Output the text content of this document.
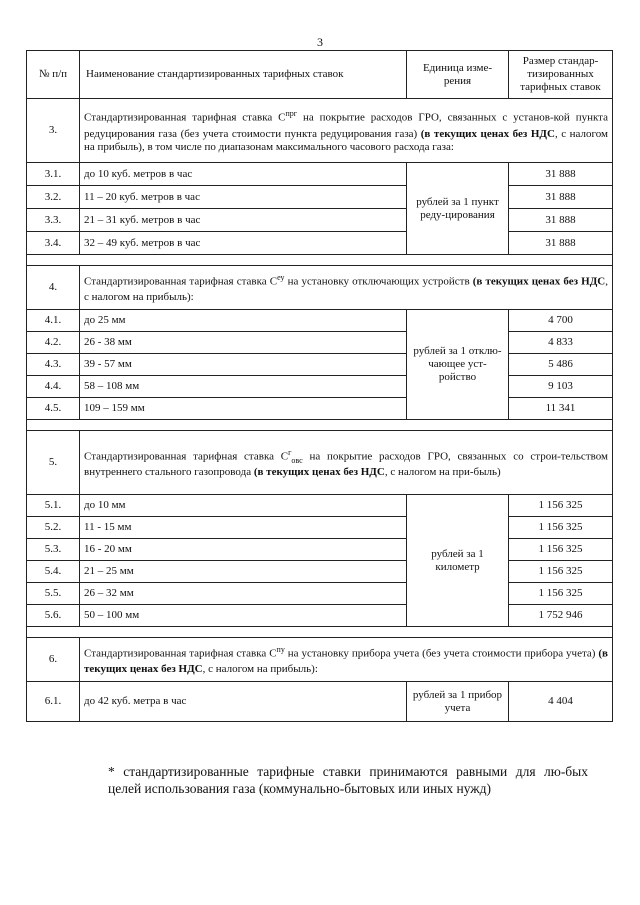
3
№ п/п	Наименование стандартизированных тарифных ставок	Единица изме-рения	Размер стандар-тизированных тарифных ставок
3.	Стандартизированная тарифная ставка $С^{прг}$ на покрытие расходов ГРО, связанных с установ-кой пункта редуцирования газа (без учета стоимости пункта редуцирования газа) (в текущих ценах без НДС, с налогом на прибыль), в том числе по диапазонам максимального часового расхода газа:		
3.1.	до 10 куб. метров в час	рублей за 1 пункт реду-цирования	31 888
3.2.	11 – 20 куб. метров в час		31 888
3.3.	21 – 31 куб. метров в час		31 888
3.4.	32 – 49 куб. метров в час		31 888

4.	Стандартизированная тарифная ставка $С^{еу}$ на установку отключающих устройств (в текущих ценах без НДС, с налогом на прибыль):		
4.1.	до 25 мм	рублей за 1 отклю-чающее уст-ройство	4 700
4.2.	26 - 38 мм		4 833
4.3.	39 - 57 мм		5 486
4.4.	58 – 108 мм		9 103
4.5.	109 – 159 мм		11 341

5.	Стандартизированная тарифная ставка $С^г_{овс}$ на покрытие расходов ГРО, связанных со строи-тельством внутреннего стального газопровода (в текущих ценах без НДС, с налогом на при-быль)		
5.1.	до 10 мм	рублей за 1 километр	1 156 325
5.2.	11 - 15 мм		1 156 325
5.3.	16 - 20 мм		1 156 325
5.4.	21 – 25 мм		1 156 325
5.5.	26 – 32 мм		1 156 325
5.6.	50 – 100 мм		1 752 946

6.	Стандартизированная тарифная ставка $С^{пу}$ на установку прибора учета (без учета стоимости прибора учета) (в текущих ценах без НДС, с налогом на прибыль):		
6.1.	до 42 куб. метра в час	рублей за 1 прибор учета	4 404
* стандартизированные тарифные ставки принимаются равными для лю-бых целей использования газа (коммунально-бытовых или иных нужд)
